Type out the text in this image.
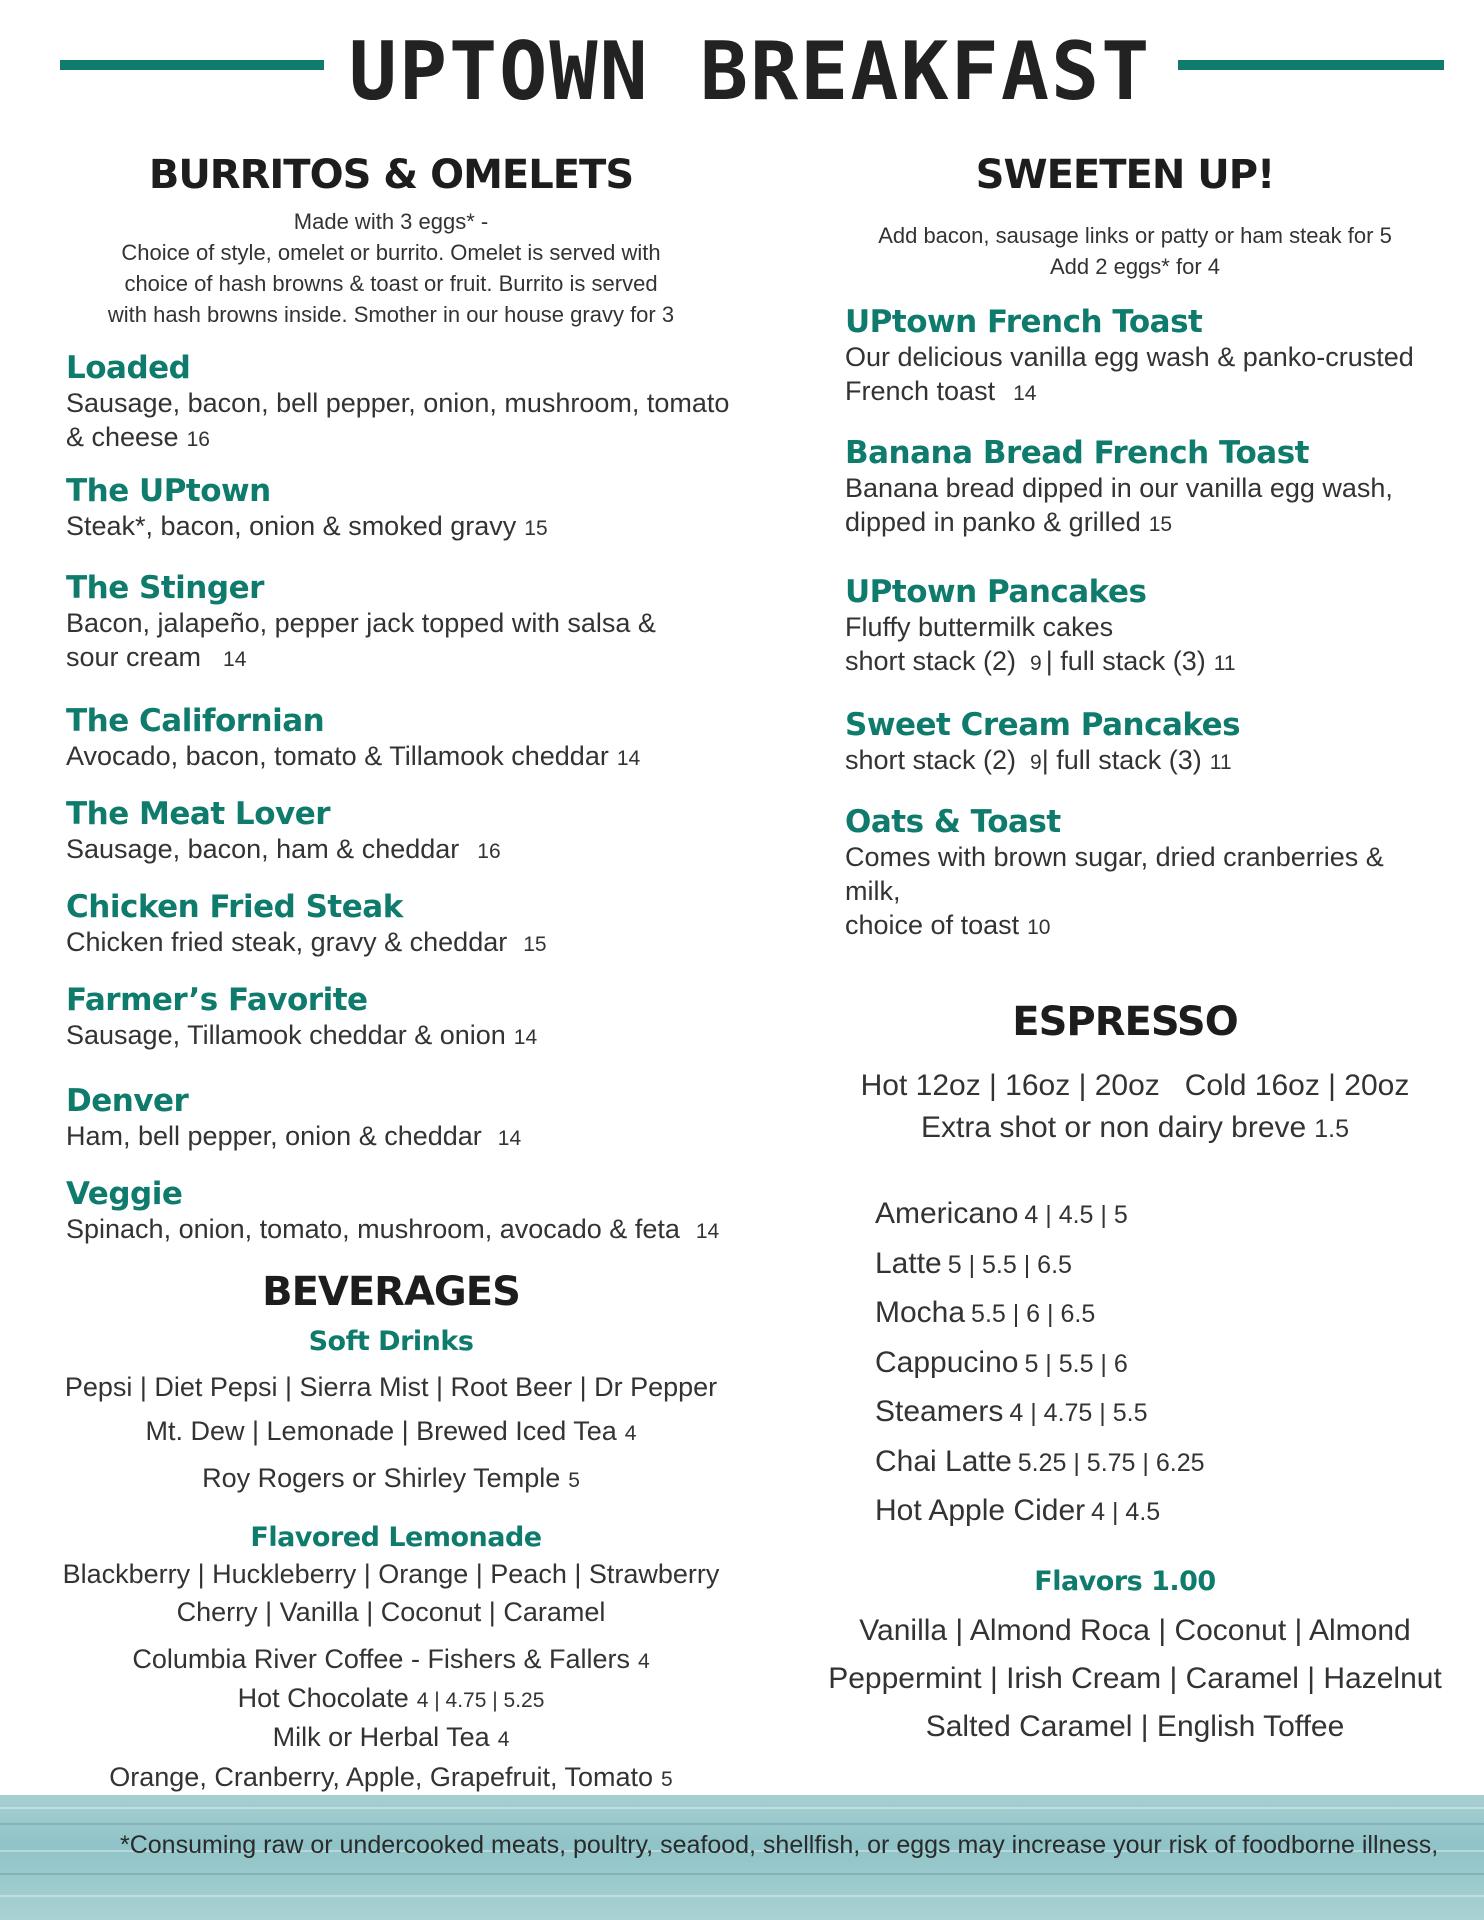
UPTOWN BREAKFAST
BURRITOS & OMELETS
Made with 3 eggs* -
Choice of style, omelet or burrito. Omelet is served with
choice of hash browns & toast or fruit. Burrito is served
with hash browns inside. Smother in our house gravy for 3
Loaded
Sausage, bacon, bell pepper, onion, mushroom, tomato
& cheese 16
The UPtown
Steak*, bacon, onion & smoked gravy 15
The Stinger
Bacon, jalapeño, pepper jack topped with salsa &
sour cream 14
The Californian
Avocado, bacon, tomato & Tillamook cheddar 14
The Meat Lover
Sausage, bacon, ham & cheddar 16
Chicken Fried Steak
Chicken fried steak, gravy & cheddar 15
Farmer’s Favorite
Sausage, Tillamook cheddar & onion 14
Denver
Ham, bell pepper, onion & cheddar 14
Veggie
Spinach, onion, tomato, mushroom, avocado & feta 14
BEVERAGES
Soft Drinks
Pepsi | Diet Pepsi | Sierra Mist | Root Beer | Dr Pepper
Mt. Dew | Lemonade | Brewed Iced Tea 4
Roy Rogers or Shirley Temple 5
Flavored Lemonade
Blackberry | Huckleberry | Orange | Peach | Strawberry
Cherry | Vanilla | Coconut | Caramel
Columbia River Coffee - Fishers & Fallers 4
Hot Chocolate 4 | 4.75 | 5.25
Milk or Herbal Tea 4
Orange, Cranberry, Apple, Grapefruit, Tomato 5
SWEETEN UP!
Add bacon, sausage links or patty or ham steak for 5
Add 2 eggs* for 4
UPtown French Toast
Our delicious vanilla egg wash & panko-crusted
French toast 14
Banana Bread French Toast
Banana bread dipped in our vanilla egg wash,
dipped in panko & grilled 15
UPtown Pancakes
Fluffy buttermilk cakes
short stack (2) 9 | full stack (3) 11
Sweet Cream Pancakes
short stack (2) 9| full stack (3) 11
Oats & Toast
Comes with brown sugar, dried cranberries & milk,
choice of toast 10
ESPRESSO
Hot 12oz | 16oz | 20oz   Cold 16oz | 20oz
Extra shot or non dairy breve 1.5
Americano 4 | 4.5 | 5
Latte 5 | 5.5 | 6.5
Mocha 5.5 | 6 | 6.5
Cappucino 5 | 5.5 | 6
Steamers 4 | 4.75 | 5.5
Chai Latte 5.25 | 5.75 | 6.25
Hot Apple Cider 4 | 4.5
Flavors 1.00
Vanilla | Almond Roca | Coconut | Almond
Peppermint | Irish Cream | Caramel | Hazelnut
Salted Caramel | English Toffee
*Consuming raw or undercooked meats, poultry, seafood, shellfish, or eggs may increase your risk of foodborne illness,
